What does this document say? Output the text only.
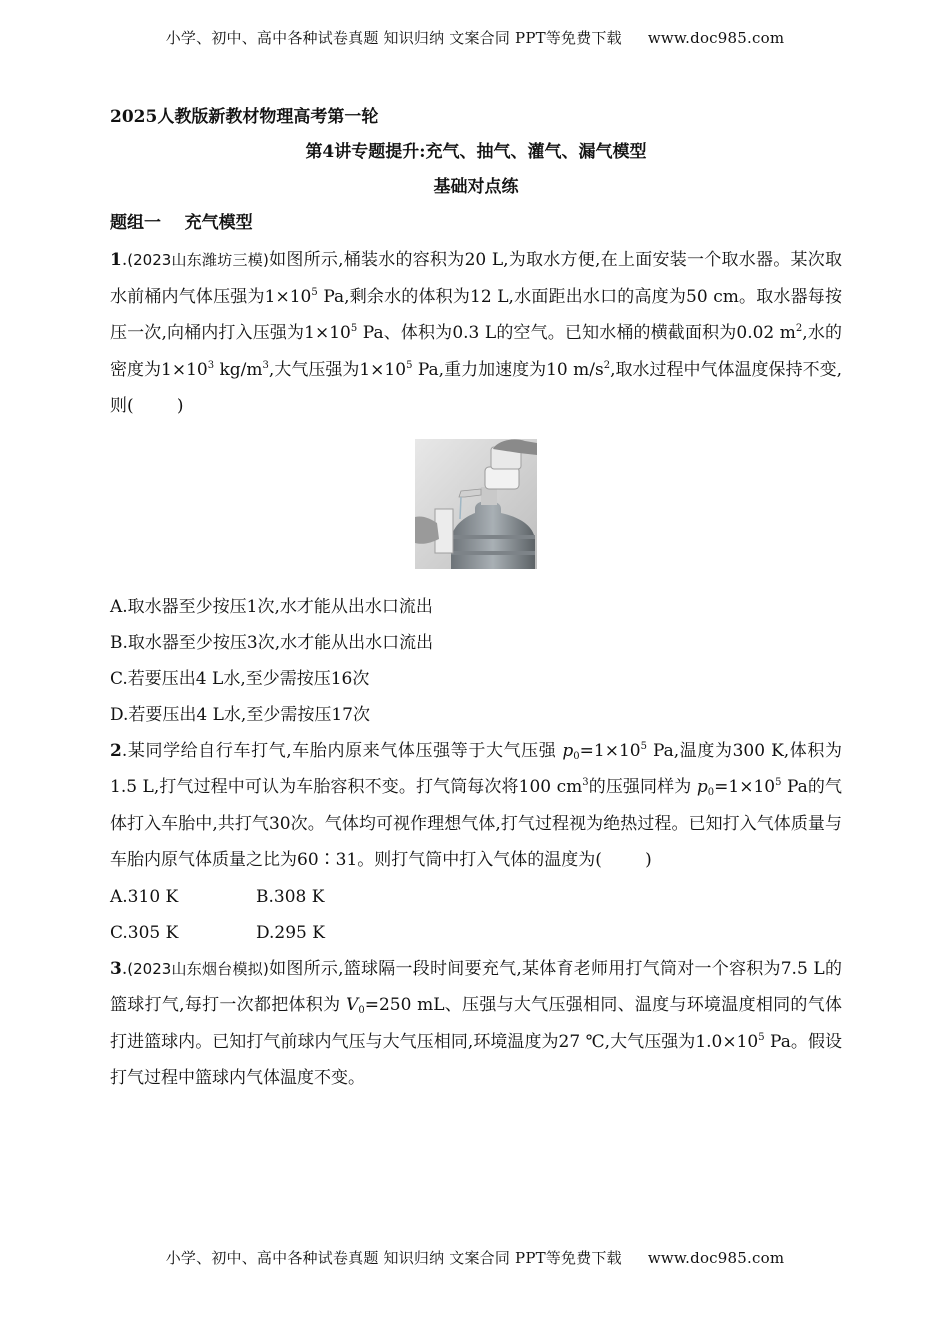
小学、初中、高中各种试卷真题 知识归纳 文案合同 PPT等免费下载 www.doc985.com
2025人教版新教材物理高考第一轮
第4讲专题提升:充气、抽气、灌气、漏气模型
基础对点练
题组一    充气模型
1.(2023山东潍坊三模)如图所示,桶装水的容积为20 L,为取水方便,在上面安装一个取水器。某次取水前桶内气体压强为$1\times 10^5$ Pa,剩余水的体积为12 L,水面距出水口的高度为50 cm。取水器每按压一次,向桶内打入压强为$1\times 10^5$ Pa、体积为0.3 L的空气。已知水桶的横截面积为0.02 $m^2$,水的密度为$1\times 10^3$ $kg/m^3$,大气压强为$1\times 10^5$ Pa,重力加速度为10 $m/s^2$,取水过程中气体温度保持不变,则(        )
A.取水器至少按压1次,水才能从出水口流出
B.取水器至少按压3次,水才能从出水口流出
C.若要压出4 L水,至少需按压16次
D.若要压出4 L水,至少需按压17次
2.某同学给自行车打气,车胎内原来气体压强等于大气压强 $p_0=1\times 10^5$ Pa,温度为300 K,体积为1.5 L,打气过程中可认为车胎容积不变。打气筒每次将100 $cm^3$的压强同样为 $p_0=1\times 10^5$ Pa的气体打入车胎中,共打气30次。气体均可视作理想气体,打气过程视为绝热过程。已知打入气体质量与车胎内原气体质量之比为60∶31。则打气筒中打入气体的温度为(        )
A.310 K	B.308 K
C.305 K	D.295 K
3.(2023山东烟台模拟)如图所示,篮球隔一段时间要充气,某体育老师用打气筒对一个容积为7.5 L的篮球打气,每打一次都把体积为 $V_0=250$ mL、压强与大气压强相同、温度与环境温度相同的气体打进篮球内。已知打气前球内气压与大气压相同,环境温度为27 ℃,大气压强为$1.0\times 10^5$ Pa。假设打气过程中篮球内气体温度不变。
小学、初中、高中各种试卷真题 知识归纳 文案合同 PPT等免费下载 www.doc985.com
